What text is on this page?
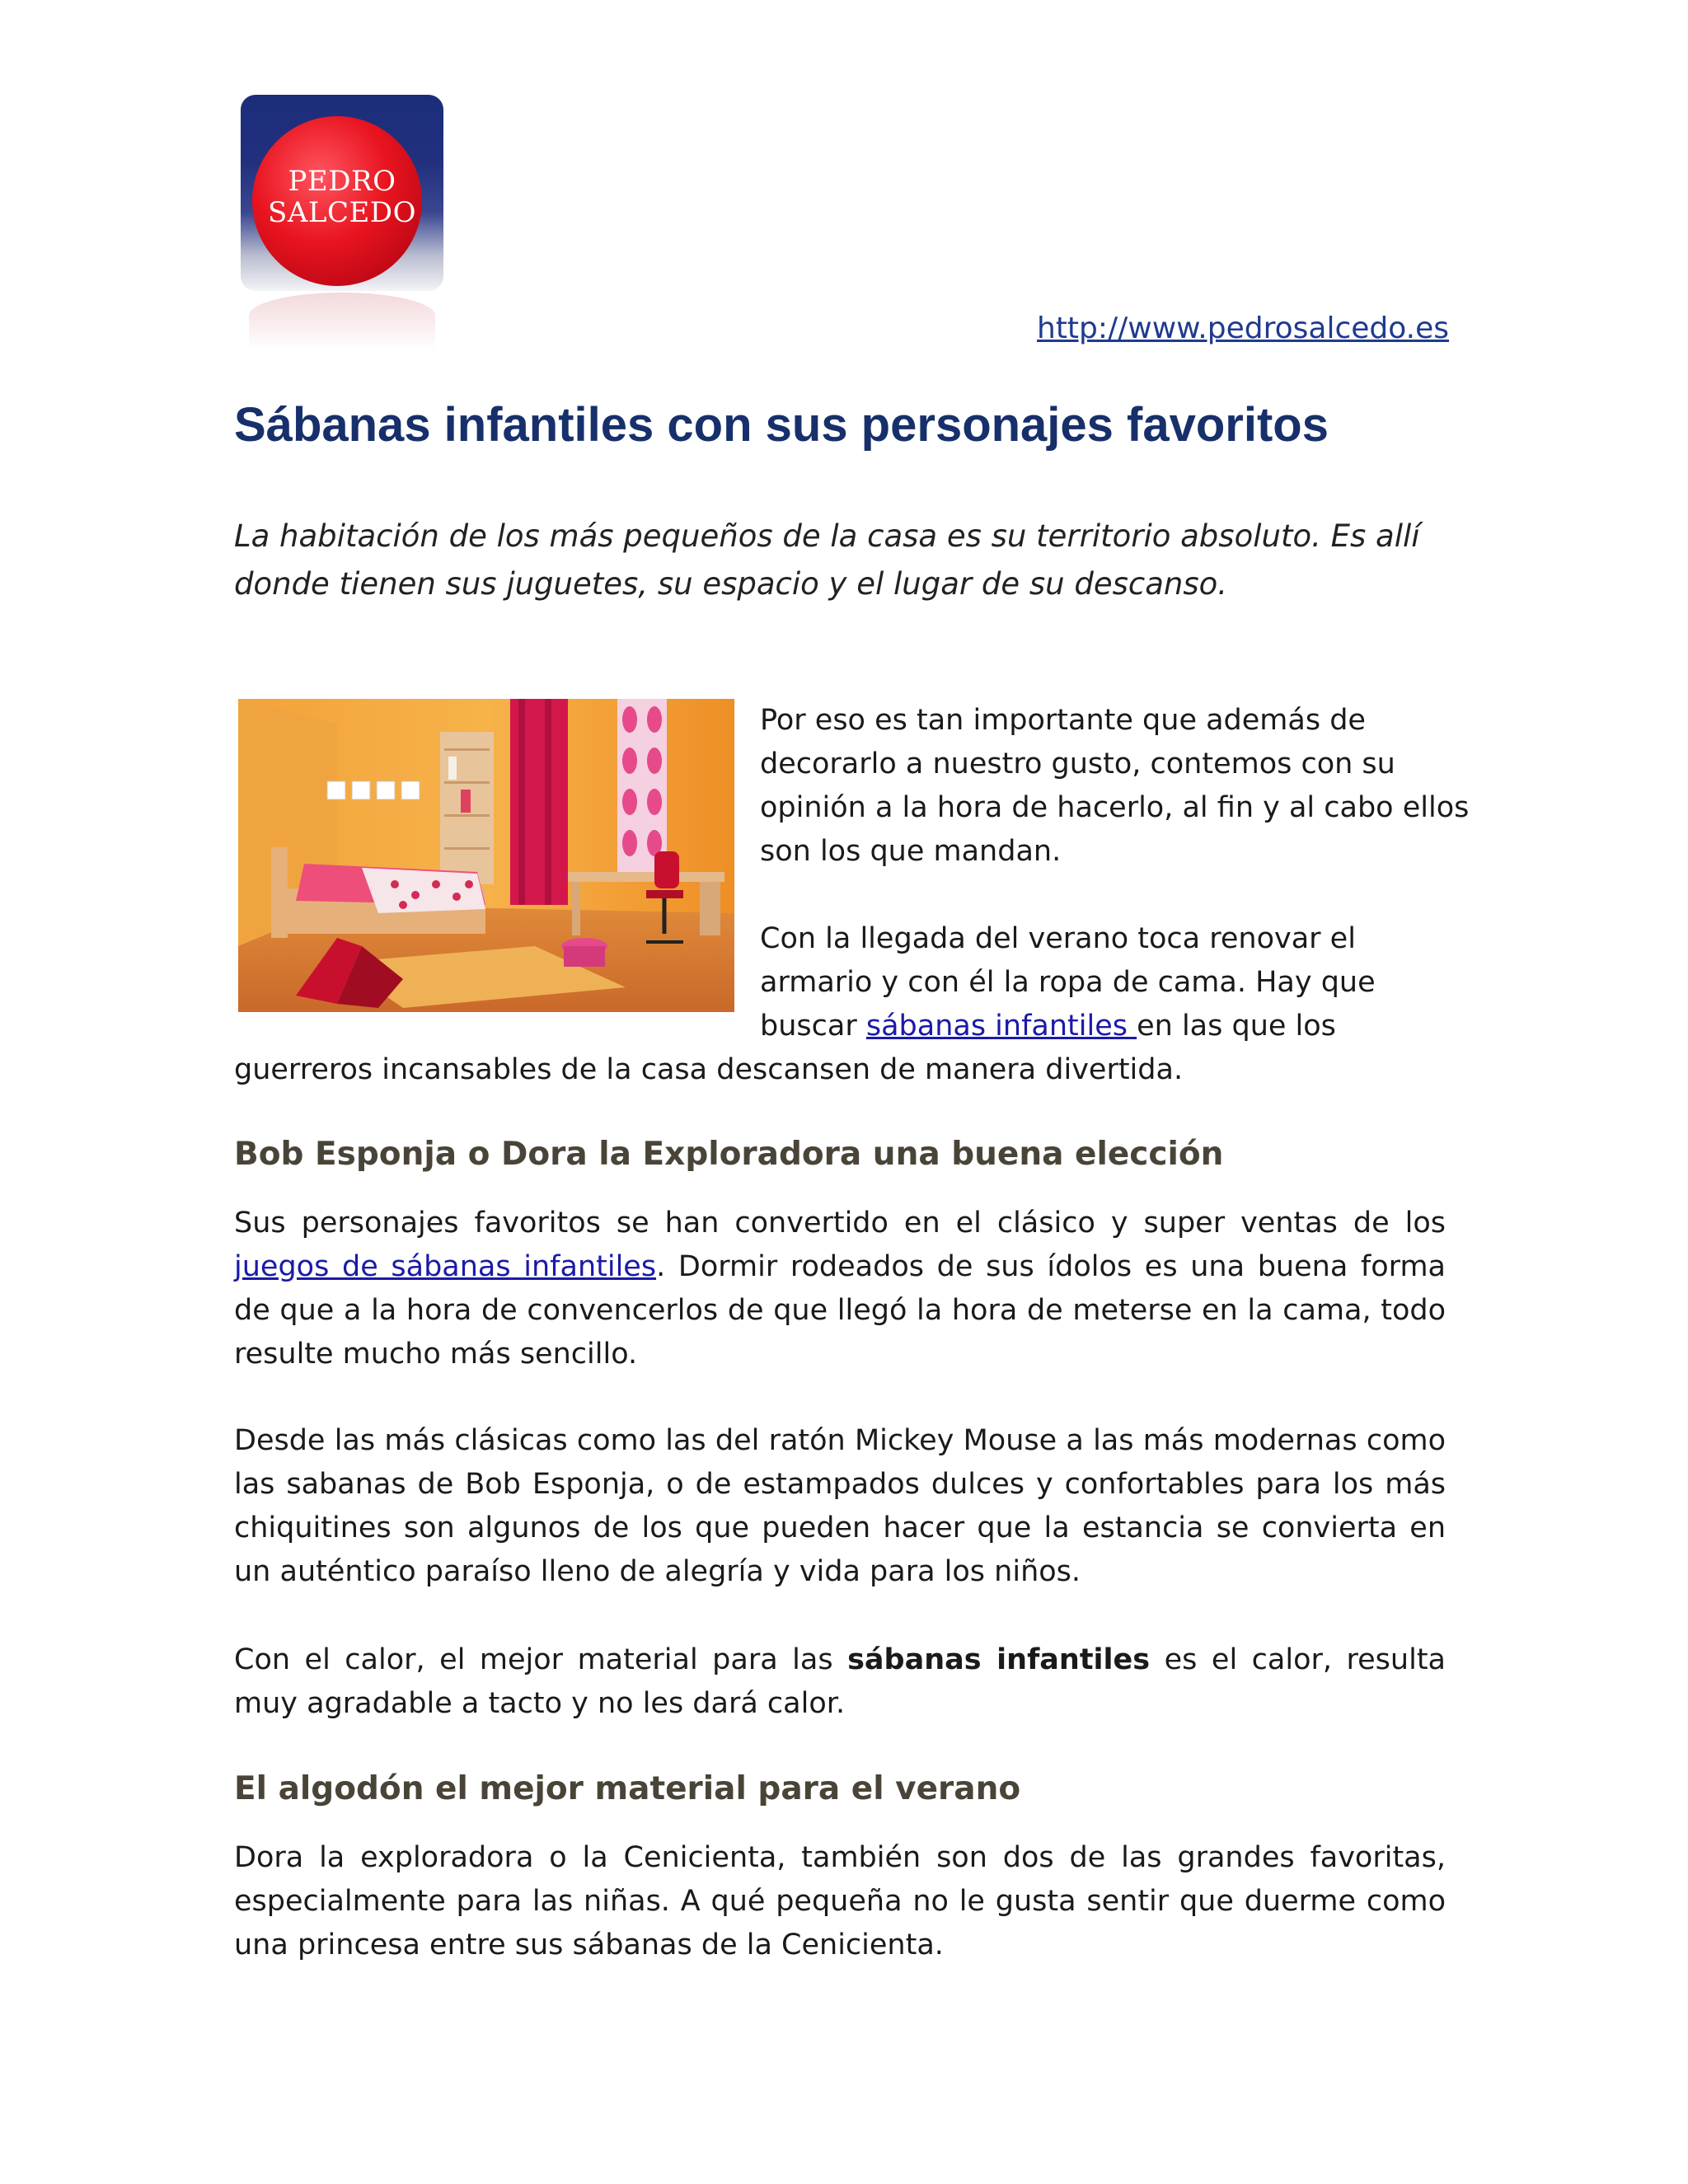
PEDRO
SALCEDO
http://www.pedrosalcedo.es
Sábanas infantiles con sus personajes favoritos

La habitación de los más pequeños de la casa es su territorio absoluto. Es allí donde tienen sus juguetes, su espacio y el lugar de su descanso.

Por eso es tan importante que además de decorarlo a nuestro gusto, contemos con su opinión a la hora de hacerlo, al fin y al cabo ellos son los que mandan.

Con la llegada del verano toca renovar el armario y con él la ropa de cama. Hay que buscar sábanas infantiles en las que los

guerreros incansables de la casa descansen de manera divertida.

Bob Esponja o Dora la Exploradora una buena elección

Sus personajes favoritos se han convertido en el clásico y super ventas de los juegos de sábanas infantiles. Dormir rodeados de sus ídolos es una buena forma de que a la hora de convencerlos de que llegó la hora de meterse en la cama, todo resulte mucho más sencillo.

Desde las más clásicas como las del ratón Mickey Mouse a las más modernas como las sabanas de Bob Esponja, o de estampados dulces y confortables para los más chiquitines son algunos de los que pueden hacer que la estancia se convierta en un auténtico paraíso lleno de alegría y vida para los niños.

Con el calor, el mejor material para las sábanas infantiles es el calor, resulta muy agradable a tacto y no les dará calor.

El algodón el mejor material para el verano

Dora la exploradora o la Cenicienta, también son dos de las grandes favoritas, especialmente para las niñas. A qué pequeña no le gusta sentir que duerme como una princesa entre sus sábanas de la Cenicienta.
